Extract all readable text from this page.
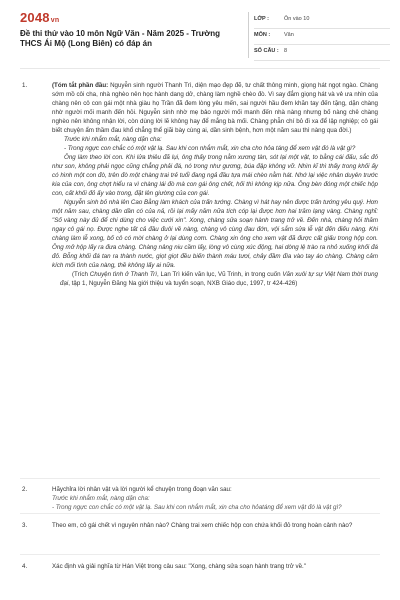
2048vn
Đề thi thử vào 10 môn Ngữ Văn - Năm 2025 - Trường THCS Ái Mộ (Long Biên) có đáp án
LỚP :	Ôn vào 10
MÔN :	Văn
SỐ CÂU : 8
1.	(Tóm tắt phần đầu: Nguyễn sinh người Thanh Trì, diện mạo đẹp đẽ, tư chất thông minh, giọng hát ngọt ngào. Chàng sớm mồ côi cha, nhà nghèo nên học hành dang dở, chàng làm nghề chèo đò. Vì say đắm giọng hát và vẻ ưa nhìn của chàng nên cô con gái một nhà giàu họ Trần đã đem lòng yêu mến, sai người hầu đem khăn tay đến tặng, dặn chàng nhờ người mối manh đến hỏi. Nguyễn sinh nhờ mẹ bảo người mối manh đến nhà nàng nhưng bố nàng chê chàng nghèo nên không nhận lời, còn dùng lời lẽ không hay để mắng bà mối. Chàng phẫn chí bỏ đi xa để lập nghiệp; cô gái biết chuyện ẩm thầm đau khổ chẳng thể giãi bày cùng ai, dần sinh bệnh, hơn một năm sau thì nàng qua đời.)

Trước khi nhắm mắt, nàng dặn cha:

- Trong ngực con chắc có một vật lạ. Sau khi con nhắm mắt, xin cha cho hỏa táng để xem vật đó là vật gì?

Ông làm theo lời con. Khi lửa thiêu đã lụi, ông thấy trong nằm xương tàn, sót lại một vật, to bằng cái đấu, sắc đỏ như son, không phải ngọc cũng chẳng phải đá, nó trong như gương, búa đập không vỡ. Nhìn kĩ thì thấy trong khối ấy có hình một con đò, trên đò một chàng trai trẻ tuổi đang ngả đầu tựa mái chèo nằm hát. Nhớ lại việc nhân duyên trước kia của con, ông chợt hiểu ra vì chàng lái đò mà con gái ông chết, hối thì không kịp nữa. Ông bèn đóng một chiếc hộp con, cất khối đỏ ấy vào trong, đặt lên giường của con gái.

Nguyễn sinh bỏ nhà lên Cao Bằng làm khách của trấn tướng. Chàng vì hát hay nên được trấn tướng yêu quý. Hơn một năm sau, chàng dần dần có của nả, rồi lại mấy năm nữa tích cóp lại được hơn hai trăm lạng vàng. Chàng nghĩ: "Số vàng này đủ để chi dùng cho việc cưới xin". Xong, chàng sửa soạn hành trang trở về. Đến nhà, chàng hỏi thăm ngay cô gái nọ. Được nghe tất cả đầu đuôi về nàng, chàng vô cùng đau đớn, vội sắm sửa lễ vật đến điếu nàng. Khi chàng làm lễ xong, bố cô có mời chàng ở lại dùng cơm. Chàng xin ông cho xem vật đã được cất giấu trong hộp con. Ông mở hộp lấy ra đưa chàng. Chàng nâng niu cầm lấy, lòng vô cùng xúc động, hai dòng lệ trào ra nhỏ xuống khối đá đỏ. Bỗng khối đá tan ra thành nước, giọt giọt đều biến thành máu tươi, chảy đầm đìa vào tay áo chàng. Chàng cảm kích mối tình của nàng, thề không lấy ai nữa.

(Trích Chuyện tình ở Thanh Trì, Lan Trì kiến văn lục, Vũ Trinh, in trong cuốn Văn xuôi tự sự Việt Nam thời trung đại, tập 1, Nguyễn Đăng Na giới thiệu và tuyển soạn, NXB Giáo dục, 1997, tr 424-426)

2.	Hãychỉra lời nhân vật và lời người kể chuyện trong đoạn văn sau:

Trước khi nhắm mắt, nàng dặn cha:

- Trong ngực con chắc có một vật lạ. Sau khi con nhắm mắt, xin cha cho hỏatáng để xem vật đó là vật gì?

3.	Theo em, cô gái chết vì nguyên nhân nào? Chàng trai xem chiếc hộp con chứa khối đỏ trong hoàn cảnh nào?

4.	Xác định và giải nghĩa từ Hán Việt trong câu sau: "Xong, chàng sửa soạn hành trang trở về."
